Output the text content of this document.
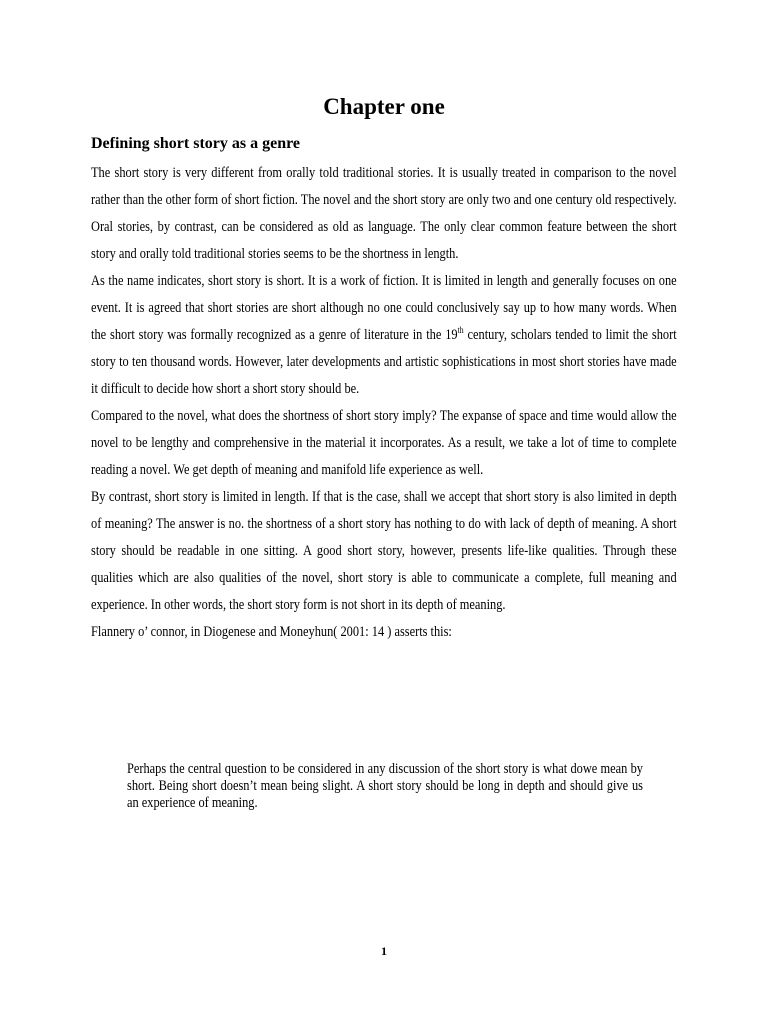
Chapter one
Defining short story as a genre

The short story is very different from orally told traditional stories. It is usually treated in comparison to the novel rather than the other form of short fiction. The novel and the short story are only two and one century old respectively. Oral stories, by contrast, can be considered as old as language. The only clear common feature between the short story and orally told traditional stories seems to be the shortness in length.

As the name indicates, short story is short. It is a work of fiction. It is limited in length and generally focuses on one event. It is agreed that short stories are short although no one could conclusively say up to how many words. When the short story was formally recognized as a genre of literature in the 19th century, scholars tended to limit the short story to ten thousand words. However, later developments and artistic sophistications in most short stories have made it difficult to decide how short a short story should be.

Compared to the novel, what does the shortness of short story imply? The expanse of space and time would allow the novel to be lengthy and comprehensive in the material it incorporates. As a result, we take a lot of time to complete reading a novel. We get depth of meaning and manifold life experience as well.

By contrast, short story is limited in length. If that is the case, shall we accept that short story is also limited in depth of meaning? The answer is no. the shortness of a short story has nothing to do with lack of depth of meaning. A short story should be readable in one sitting. A good short story, however, presents life-like qualities. Through these qualities which are also qualities of the novel, short story is able to communicate a complete, full meaning and experience. In other words, the short story form is not short in its depth of meaning.

Flannery o’ connor, in Diogenese and Moneyhun( 2001: 14 ) asserts this:

Perhaps the central question to be considered in any discussion of the short story is what dowe mean by short. Being short doesn’t mean being slight. A short story should be long in depth and should give us an experience of meaning.

1
